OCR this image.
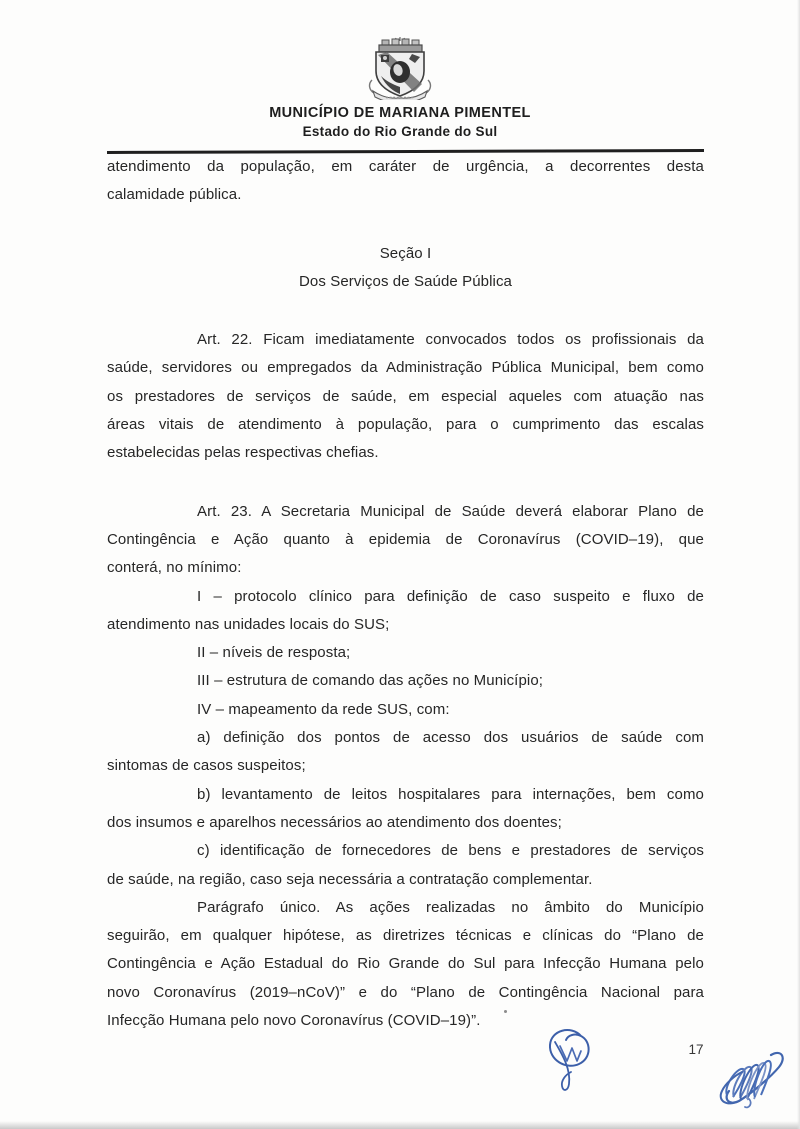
MUNICÍPIO DE MARIANA PIMENTEL
Estado do Rio Grande do Sul

atendimento da população, em caráter de urgência, a decorrentes desta

calamidade pública.

Seção I

Dos Serviços de Saúde Pública

Art. 22. Ficam imediatamente convocados todos os profissionais da

saúde, servidores ou empregados da Administração Pública Municipal, bem como

os prestadores de serviços de saúde, em especial aqueles com atuação nas

áreas vitais de atendimento à população, para o cumprimento das escalas

estabelecidas pelas respectivas chefias.

Art. 23. A Secretaria Municipal de Saúde deverá elaborar Plano de

Contingência e Ação quanto à epidemia de Coronavírus (COVID–19), que

conterá, no mínimo:

I – protocolo clínico para definição de caso suspeito e fluxo de

atendimento nas unidades locais do SUS;

II – níveis de resposta;

III – estrutura de comando das ações no Município;

IV – mapeamento da rede SUS, com:

a) definição dos pontos de acesso dos usuários de saúde com

sintomas de casos suspeitos;

b) levantamento de leitos hospitalares para internações, bem como

dos insumos e aparelhos necessários ao atendimento dos doentes;

c) identificação de fornecedores de bens e prestadores de serviços

de saúde, na região, caso seja necessária a contratação complementar.

Parágrafo único. As ações realizadas no âmbito do Município

seguirão, em qualquer hipótese, as diretrizes técnicas e clínicas do “Plano de

Contingência e Ação Estadual do Rio Grande do Sul para Infecção Humana pelo

novo Coronavírus (2019–nCoV)” e do “Plano de Contingência Nacional para

Infecção Humana pelo novo Coronavírus (COVID–19)”.

17
